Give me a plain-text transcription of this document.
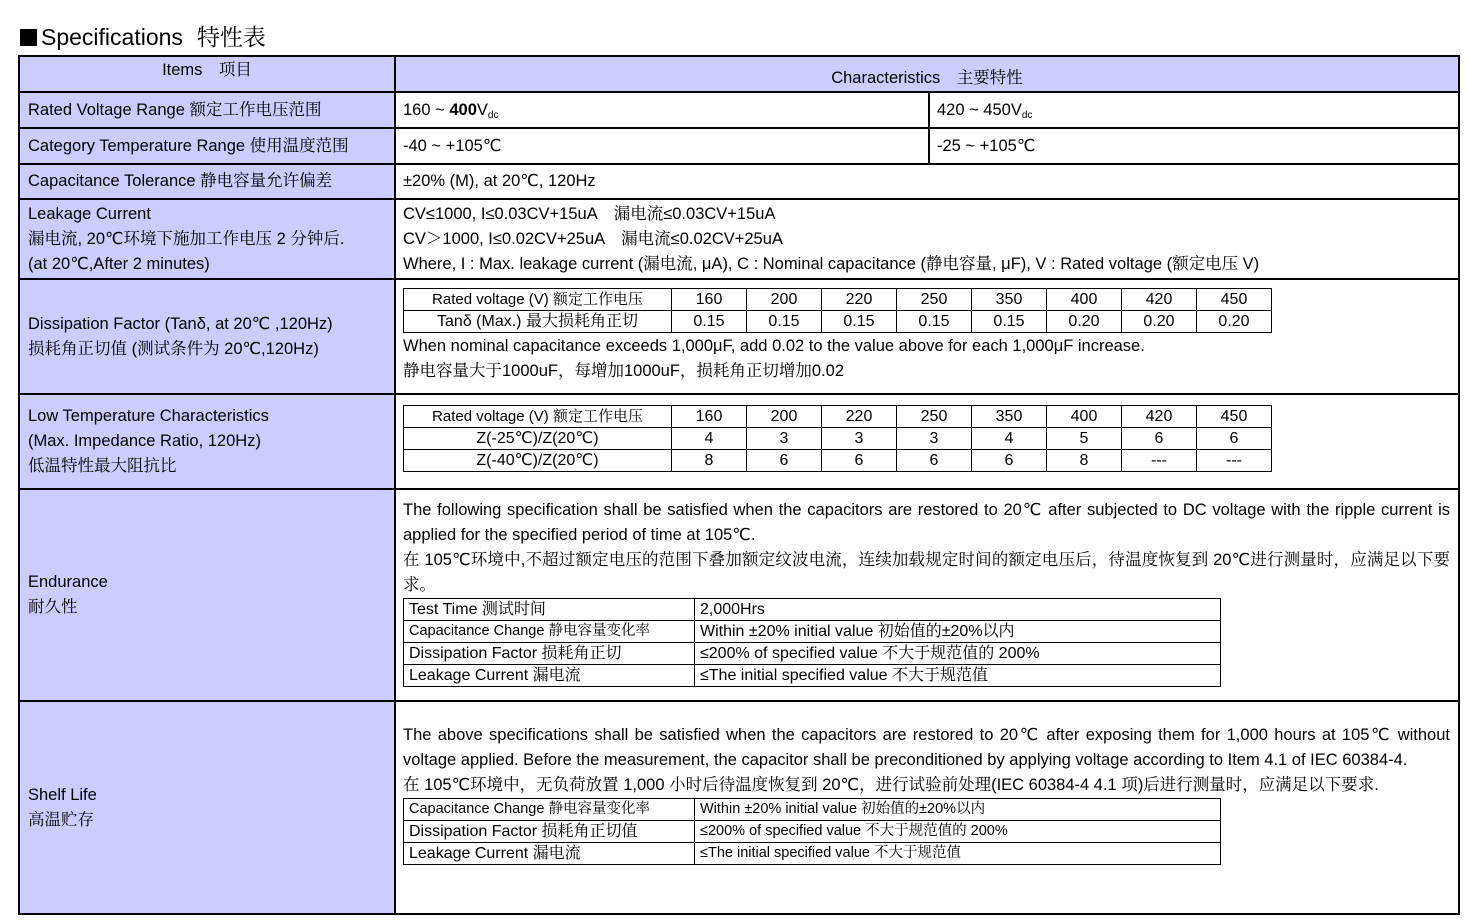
Specifications 特性表
Items　项目	Characteristics　主要特性
Rated Voltage Range 额定工作电压范围	160 ~ $400V_{dc}$	420 ~ $450V_{dc}$
Category Temperature Range 使用温度范围	-40 ~ +105℃	-25 ~ +105℃
Capacitance Tolerance 静电容量允许偏差	±20% (M), at 20℃, 120Hz

Leakage Current
漏电流, 20℃环境下施加工作电压 2 分钟后.
(at 20℃,After 2 minutes)

CV≤1000, I≤0.03CV+15uA 漏电流≤0.03CV+15uA
CV＞1000, I≤0.02CV+25uA 漏电流≤0.02CV+25uA
Where, I : Max. leakage current (漏电流, μA), C : Nominal capacitance (静电容量, μF), V : Rated voltage (额定电压 V)

Dissipation Factor (Tanδ, at 20℃ ,120Hz)
损耗角正切值 (测试条件为 20℃,120Hz)

Rated voltage (V) 额定工作电压	160	200	220	250	350	400	420	450
Tanδ (Max.) 最大损耗角正切	0.15	0.15	0.15	0.15	0.15	0.20	0.20	0.20
When nominal capacitance exceeds 1,000μF, add 0.02 to the value above for each 1,000μF increase.
静电容量大于1000uF，每增加1000uF，损耗角正切增加0.02

Low Temperature Characteristics
(Max. Impedance Ratio, 120Hz)
低温特性最大阻抗比

Rated voltage (V) 额定工作电压	160	200	220	250	350	400	420	450
Z(-25℃)/Z(20℃)	4	3	3	3	4	5	6	6
Z(-40℃)/Z(20℃)	8	6	6	6	6	8	---	---

Endurance
耐久性

The following specification shall be satisfied when the capacitors are restored to 20℃ after subjected to DC voltage with the ripple current is applied for the specified period of time at 105℃.
在 105℃环境中,不超过额定电压的范围下叠加额定纹波电流，连续加载规定时间的额定电压后，待温度恢复到 20℃进行测量时，应满足以下要求。
Test Time 测试时间	2,000Hrs
Capacitance Change 静电容量变化率	Within ±20% initial value 初始值的±20%以内
Dissipation Factor 损耗角正切	≤200% of specified value 不大于规范值的 200%
Leakage Current 漏电流	≤The initial specified value 不大于规范值

Shelf Life
高温贮存

The above specifications shall be satisfied when the capacitors are restored to 20℃ after exposing them for 1,000 hours at 105℃ without voltage applied. Before the measurement, the capacitor shall be preconditioned by applying voltage according to Item 4.1 of IEC 60384-4.
在 105℃环境中，无负荷放置 1,000 小时后待温度恢复到 20℃，进行试验前处理(IEC 60384-4 4.1 项)后进行测量时，应满足以下要求.
Capacitance Change 静电容量变化率	Within ±20% initial value 初始值的±20%以内
Dissipation Factor 损耗角正切值	≤200% of specified value 不大于规范值的 200%
Leakage Current 漏电流	≤The initial specified value 不大于规范值
